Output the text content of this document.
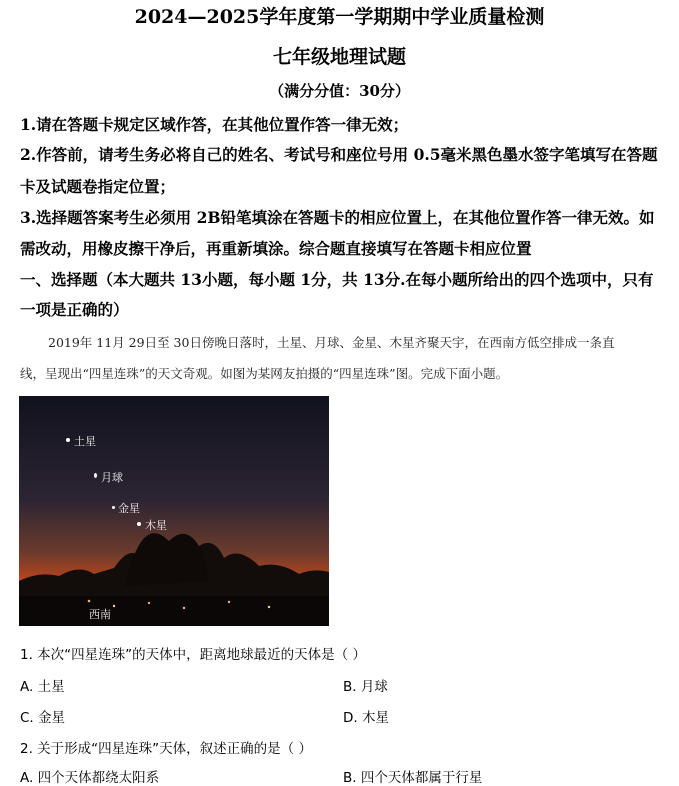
2024—2025学年度第一学期期中学业质量检测
七年级地理试题
（满分分值：30分）
1.请在答题卡规定区域作答，在其他位置作答一律无效；
2.作答前，请考生务必将自己的姓名、考试号和座位号用 0.5毫米黑色墨水签字笔填写在答题
卡及试题卷指定位置；
3.选择题答案考生必须用 2B铅笔填涂在答题卡的相应位置上，在其他位置作答一律无效。如
需改动，用橡皮擦干净后，再重新填涂。综合题直接填写在答题卡相应位置
一、选择题（本大题共 13小题，每小题 1分，共 13分.在每小题所给出的四个选项中，只有
一项是正确的）
2019年 11月 29日至 30日傍晚日落时，土星、月球、金星、木星齐聚天宇，在西南方低空排成一条直
线，呈现出“四星连珠”的天文奇观。如图为某网友拍摄的“四星连珠”图。完成下面小题。
土星
月球
金星
木星
西南
1. 本次“四星连珠”的天体中，距离地球最近的天体是（ ）
A. 土星	B. 月球
C. 金星	D. 木星
2. 关于形成“四星连珠”天体，叙述正确的是（ ）
A. 四个天体都绕太阳系	B. 四个天体都属于行星
